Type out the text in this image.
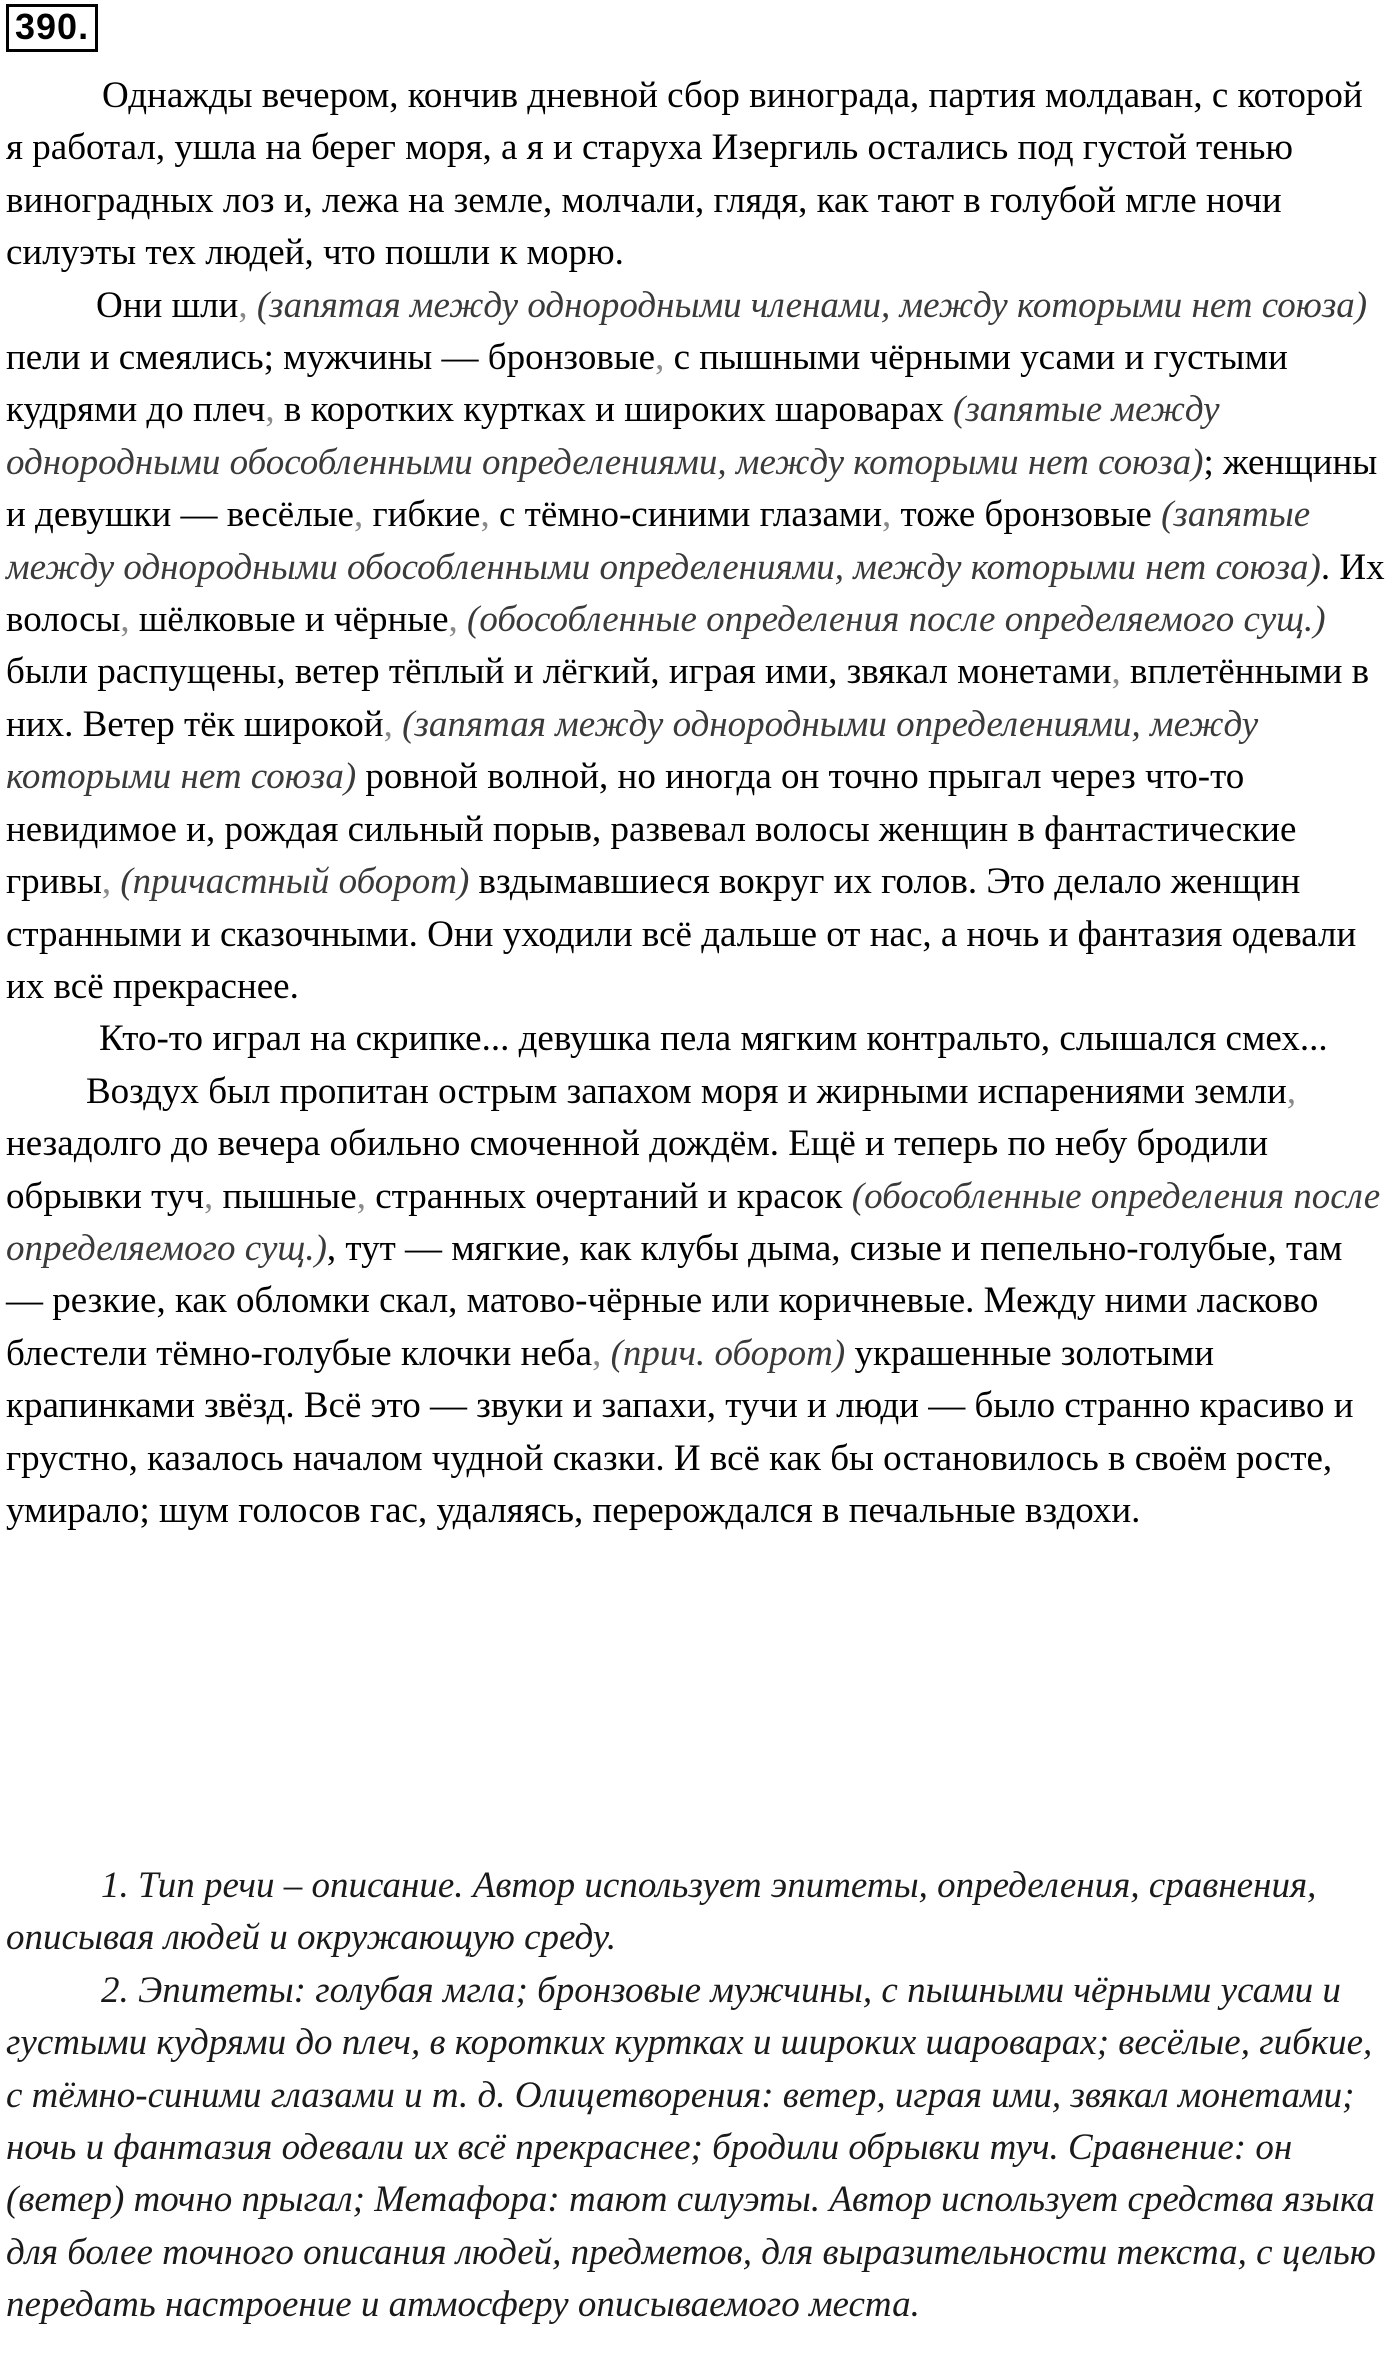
390.

Однажды вечером, кончив дневной сбор винограда, партия молдаван, с которой я работал, ушла на берег моря, а я и старуха Изергиль остались под густой тенью виноградных лоз и, лежа на земле, молчали, глядя, как тают в голубой мгле ночи силуэты тех людей, что пошли к морю.

Они шли, (запятая между однородными членами, между которыми нет союза) пели и смеялись; мужчины — бронзовые, с пышными чёрными усами и густыми кудрями до плеч, в коротких куртках и широких шароварах (запятые между однородными обособленными определениями, между которыми нет союза); женщины и девушки — весёлые, гибкие, с тёмно-синими глазами, тоже бронзовые (запятые между однородными обособленными определениями, между которыми нет союза). Их волосы, шёлковые и чёрные, (обособленные определения после определяемого сущ.) были распущены, ветер тёплый и лёгкий, играя ими, звякал монетами, вплетёнными в них. Ветер тёк широкой, (запятая между однородными определениями, между которыми нет союза) ровной волной, но иногда он точно прыгал через что-то невидимое и, рождая сильный порыв, развевал волосы женщин в фантастические гривы, (причастный оборот) вздымавшиеся вокруг их голов. Это делало женщин странными и сказочными. Они уходили всё дальше от нас, а ночь и фантазия одевали их всё прекраснее.

Кто-то играл на скрипке... девушка пела мягким контральто, слышался смех...

Воздух был пропитан острым запахом моря и жирными испарениями земли, незадолго до вечера обильно смоченной дождём. Ещё и теперь по небу бродили обрывки туч, пышные, странных очертаний и красок (обособленные определения после определяемого сущ.), тут — мягкие, как клубы дыма, сизые и пепельно-голубые, там — резкие, как обломки скал, матово-чёрные или коричневые. Между ними ласково блестели тёмно-голубые клочки неба, (прич. оборот) украшенные золотыми крапинками звёзд. Всё это — звуки и запахи, тучи и люди — было странно красиво и грустно, казалось началом чудной сказки. И всё как бы остановилось в своём росте, умирало; шум голосов гас, удаляясь, перерождался в печальные вздохи.

1. Тип речи – описание. Автор использует эпитеты, определения, сравнения, описывая людей и окружающую среду.

2. Эпитеты: голубая мгла; бронзовые мужчины, с пышными чёрными усами и густыми кудрями до плеч, в коротких куртках и широких шароварах; весёлые, гибкие, с тёмно-синими глазами и т. д. Олицетворения: ветер, играя ими, звякал монетами; ночь и фантазия одевали их всё прекраснее; бродили обрывки туч. Сравнение: он (ветер) точно прыгал; Метафора: тают силуэты. Автор использует средства языка для более точного описания людей, предметов, для выразительности текста, с целью передать настроение и атмосферу описываемого места.
